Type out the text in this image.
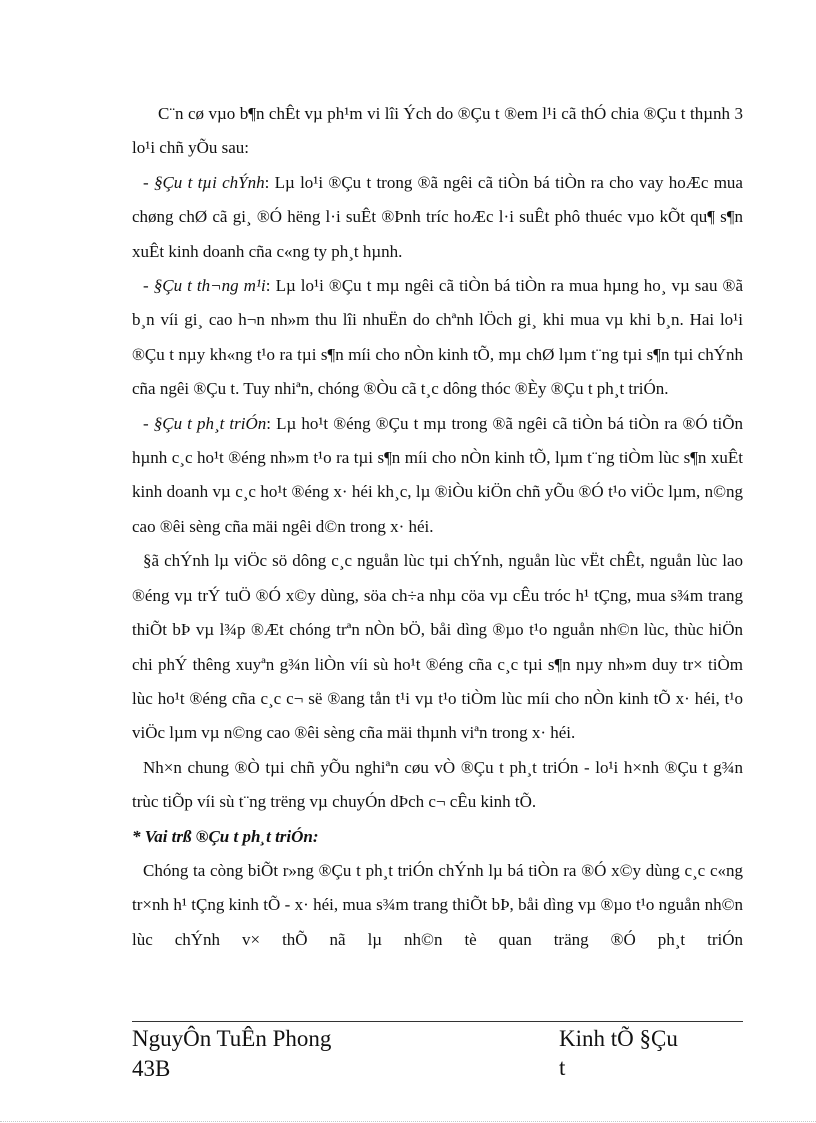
C¨n cø vµo b¶n chÊt vµ ph¹m vi lîi Ých do ®Çu t ®em l¹i cã thÓ chia ®Çu t thµnh 3 lo¹i chñ yÕu sau:

- §Çu t tµi chÝnh: Lµ lo¹i ®Çu t trong ®ã ngêi cã tiÒn bá tiÒn ra cho vay hoÆc mua chøng chØ cã gi¸ ®Ó hëng l·i suÊt ®Þnh tríc hoÆc l·i suÊt phô thuéc vµo kÕt qu¶ s¶n xuÊt kinh doanh cña c«ng ty ph¸t hµnh.

- §Çu t th¬ng m¹i: Lµ lo¹i ®Çu t mµ ngêi cã tiÒn bá tiÒn ra mua hµng ho¸ vµ sau ®ã b¸n víi gi¸ cao h¬n nh»m thu lîi nhuËn do chªnh lÖch gi¸ khi mua vµ khi b¸n. Hai lo¹i ®Çu t nµy kh«ng t¹o ra tµi s¶n míi cho nÒn kinh tÕ, mµ chØ lµm t¨ng tµi s¶n tµi chÝnh cña ngêi ®Çu t. Tuy nhiªn, chóng ®Òu cã t¸c dông thóc ®Èy ®Çu t ph¸t triÓn.

- §Çu t ph¸t triÓn: Lµ ho¹t ®éng ®Çu t mµ trong ®ã ngêi cã tiÒn bá tiÒn ra ®Ó tiÕn hµnh c¸c ho¹t ®éng nh»m t¹o ra tµi s¶n míi cho nÒn kinh tÕ, lµm t¨ng tiÒm lùc s¶n xuÊt kinh doanh vµ c¸c ho¹t ®éng x· héi kh¸c, lµ ®iÒu kiÖn chñ yÕu ®Ó t¹o viÖc lµm, n©ng cao ®êi sèng cña mäi ngêi d©n trong x· héi.

§ã chÝnh lµ viÖc sö dông c¸c nguån lùc tµi chÝnh, nguån lùc vËt chÊt, nguån lùc lao ®éng vµ trÝ tuÖ ®Ó x©y dùng, söa ch÷a nhµ cöa vµ cÊu tróc h¹ tÇng, mua s¾m trang thiÕt bÞ vµ l¾p ®Æt chóng trªn nÒn bÖ, båi dìng ®µo t¹o nguån nh©n lùc, thùc hiÖn chi phÝ thêng xuyªn g¾n liÒn víi sù ho¹t ®éng cña c¸c tµi s¶n nµy nh»m duy tr× tiÒm lùc ho¹t ®éng cña c¸c c¬ së ®ang tån t¹i vµ t¹o tiÒm lùc míi cho nÒn kinh tÕ x· héi, t¹o viÖc lµm vµ n©ng cao ®êi sèng cña mäi thµnh viªn trong x· héi.

Nh×n chung ®Ò tµi chñ yÕu nghiªn cøu vÒ ®Çu t ph¸t triÓn - lo¹i h×nh ®Çu t g¾n trùc tiÕp víi sù t¨ng trëng vµ chuyÓn dÞch c¬ cÊu kinh tÕ.

* Vai trß ®Çu t ph¸t triÓn:

Chóng ta còng biÕt r»ng ®Çu t ph¸t triÓn chÝnh lµ bá tiÒn ra ®Ó x©y dùng c¸c c«ng tr×nh h¹ tÇng kinh tÕ - x· héi, mua s¾m trang thiÕt bÞ, båi dìng vµ ®µo t¹o nguån nh©n lùc chÝnh v× thÕ nã lµ nh©n tè quan träng ®Ó ph¸t triÓn

NguyÔn TuÊn Phong	Kinh tÕ §Çu t
43B
